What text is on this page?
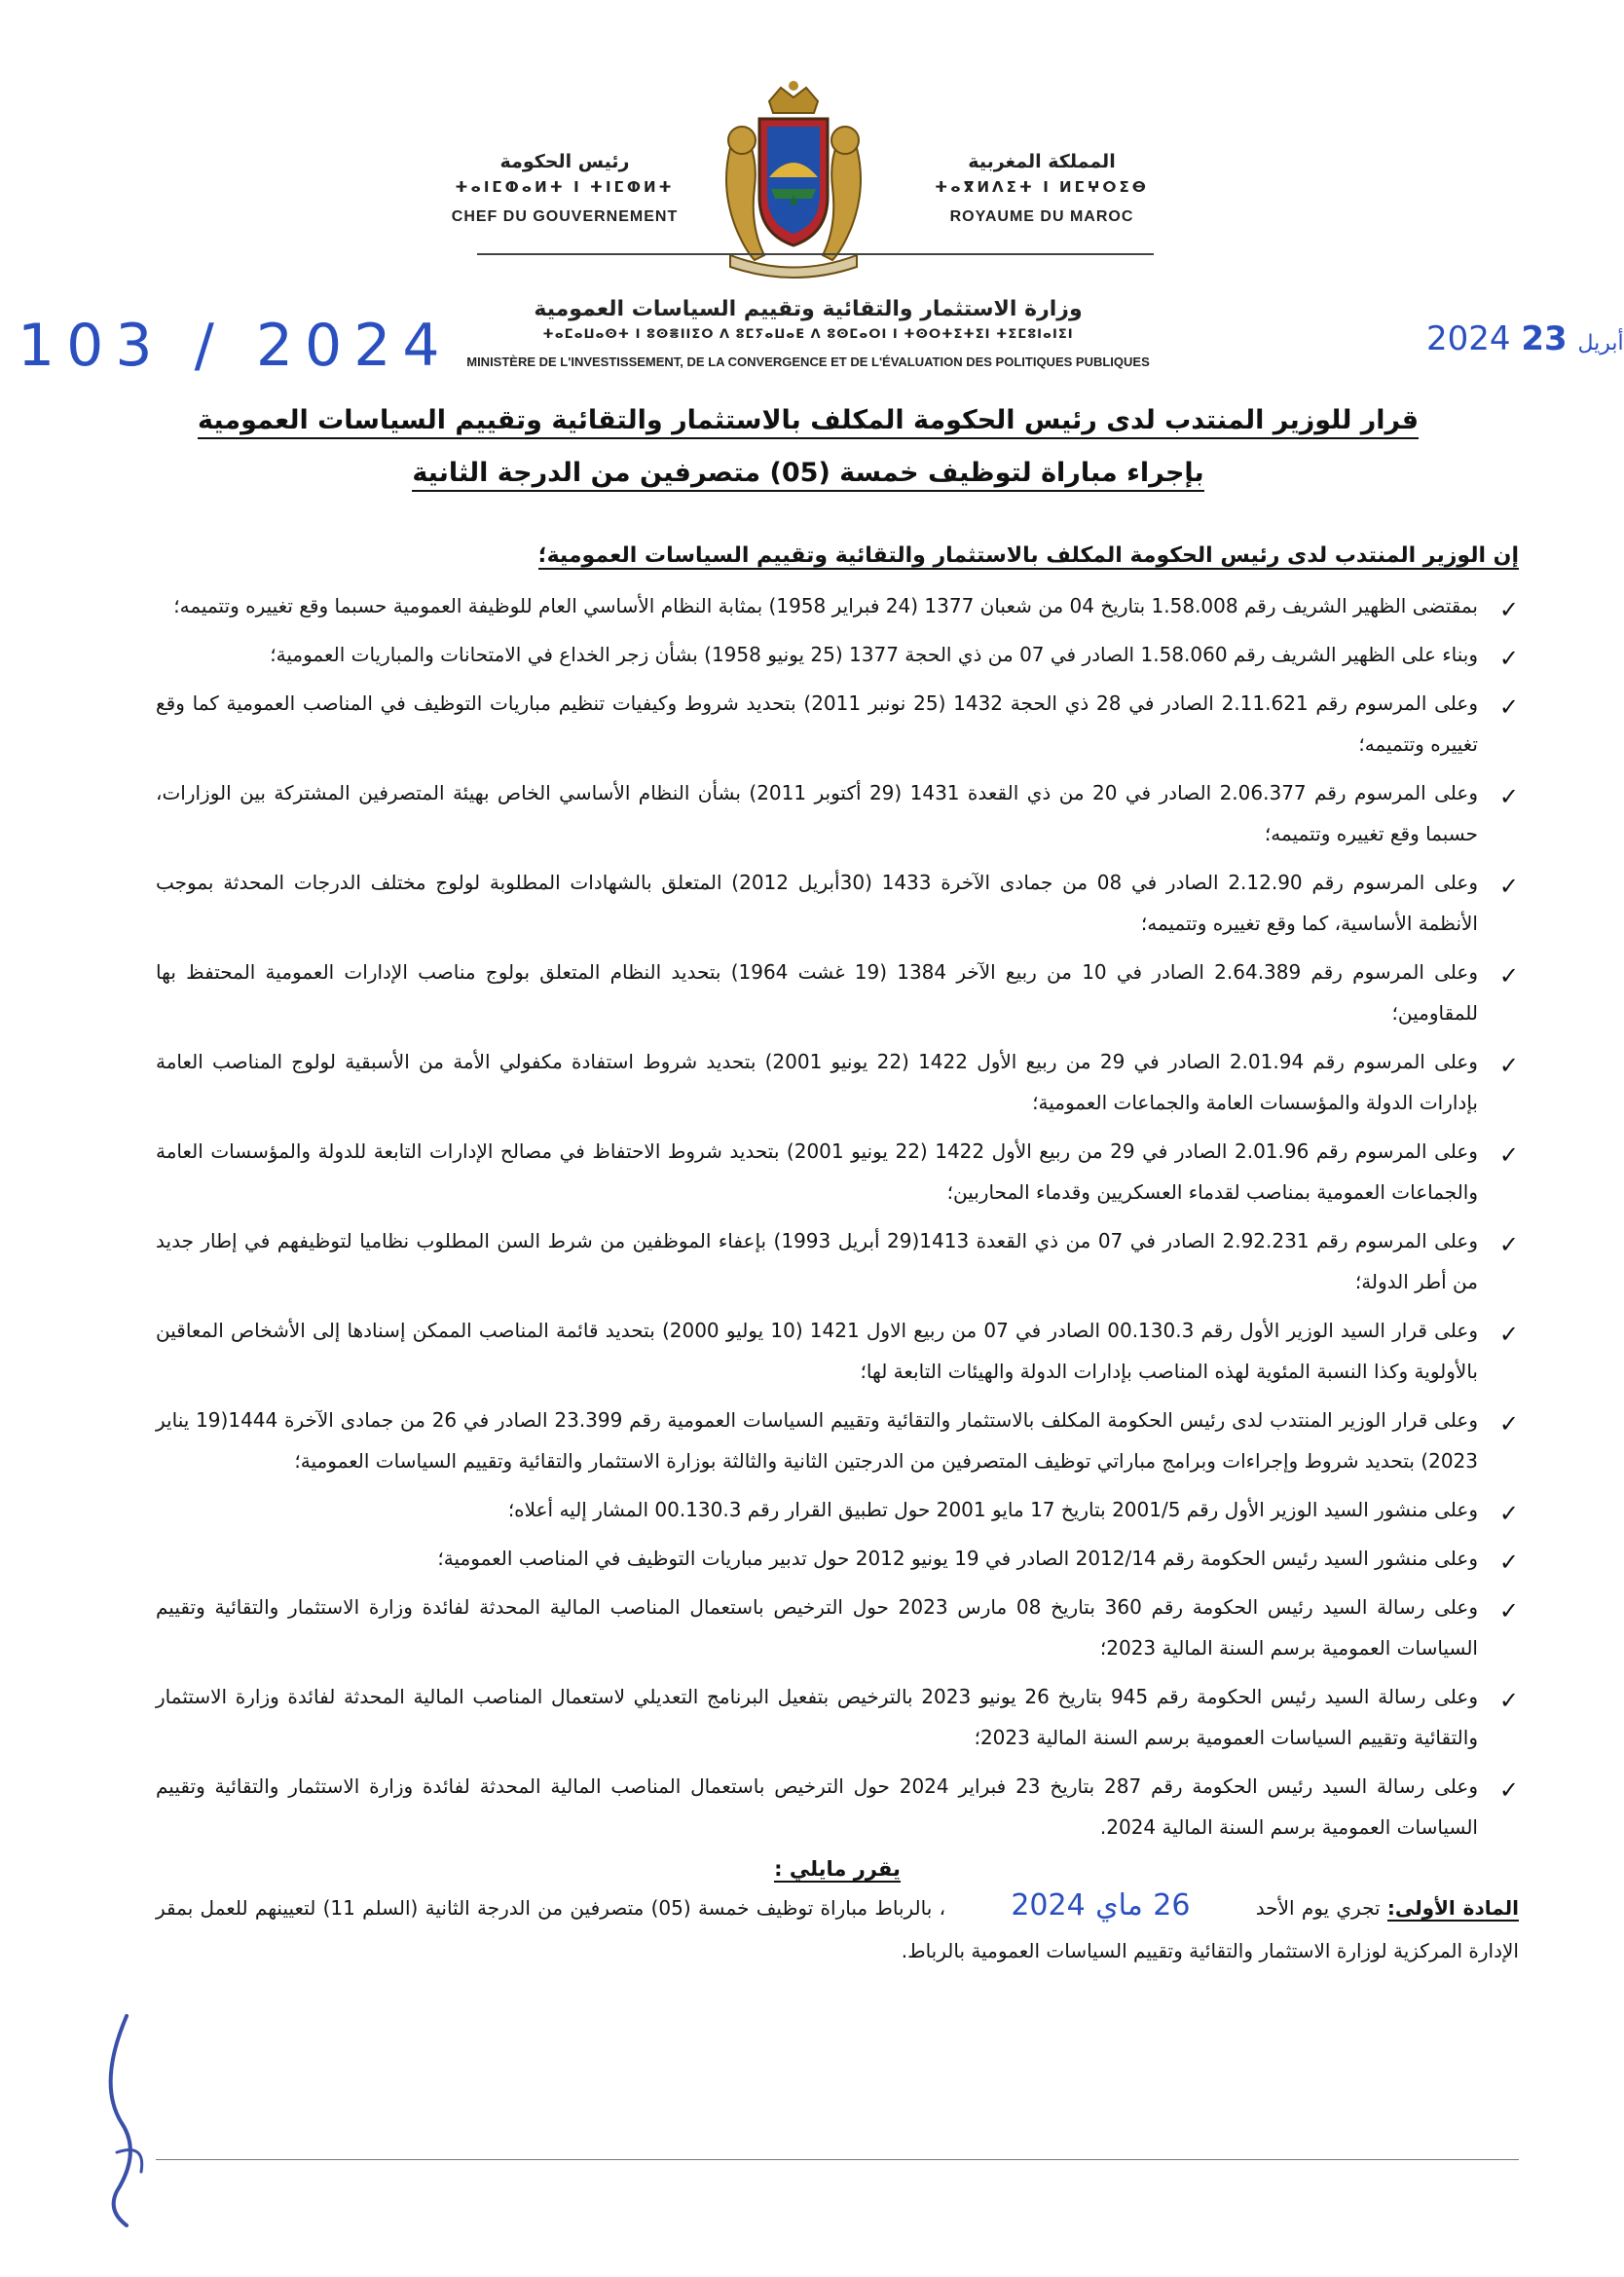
المملكة المغربية
ⵜⴰⴳⵍⴷⵉⵜ ⵏ ⵍⵎⵖⵔⵉⴱ
ROYAUME DU MAROC
رئيس الحكومة
ⵜⴰⵏⵎⵀⴰⵍⵜ ⵏ ⵜⵏⵎⵀⵍⵜ
CHEF DU GOUVERNEMENT
وزارة الاستثمار والتقائية وتقييم السياسات العمومية
ⵜⴰⵎⴰⵡⴰⵙⵜ ⵏ ⵓⵙⴻⵏⵏⵉⵔ ⴷ ⵓⵎⵢⴰⵡⴰⴹ ⴷ ⵓⵙⵎⴰⵔⵏ ⵏ ⵜⵙⵔⵜⵉⵜⵉⵏ ⵜⵉⵎⵓⵏⴰⵏⵉⵏ
MINISTÈRE DE L'INVESTISSEMENT, DE LA CONVERGENCE ET DE L'ÉVALUATION DES POLITIQUES PUBLIQUES
103 / 2024	2024	أبريل 23
قرار للوزير المنتدب لدى رئيس الحكومة المكلف بالاستثمار والتقائية وتقييم السياسات العمومية
بإجراء مباراة لتوظيف خمسة (05) متصرفين من الدرجة الثانية
إن الوزير المنتدب لدى رئيس الحكومة المكلف بالاستثمار والتقائية وتقييم السياسات العمومية؛
✓
بمقتضى الظهير الشريف رقم 1.58.008 بتاريخ 04 من شعبان 1377 (24 فبراير 1958) بمثابة النظام الأساسي العام للوظيفة العمومية حسبما وقع تغييره وتتميمه؛
✓
وبناء على الظهير الشريف رقم 1.58.060 الصادر في 07 من ذي الحجة 1377 (25 يونيو 1958) بشأن زجر الخداع في الامتحانات والمباريات العمومية؛
✓
وعلى المرسوم رقم 2.11.621 الصادر في 28 ذي الحجة 1432 (25 نونبر 2011) بتحديد شروط وكيفيات تنظيم مباريات التوظيف في المناصب العمومية كما وقع تغييره وتتميمه؛
✓
وعلى المرسوم رقم 2.06.377 الصادر في 20 من ذي القعدة 1431 (29 أكتوبر 2011) بشأن النظام الأساسي الخاص بهيئة المتصرفين المشتركة بين الوزارات، حسبما وقع تغييره وتتميمه؛
✓
وعلى المرسوم رقم 2.12.90 الصادر في 08 من جمادى الآخرة 1433 (30أبريل 2012) المتعلق بالشهادات المطلوبة لولوج مختلف الدرجات المحدثة بموجب الأنظمة الأساسية، كما وقع تغييره وتتميمه؛
✓
وعلى المرسوم رقم 2.64.389 الصادر في 10 من ربيع الآخر 1384 (19 غشت 1964) بتحديد النظام المتعلق بولوج مناصب الإدارات العمومية المحتفظ بها للمقاومين؛
✓
وعلى المرسوم رقم 2.01.94 الصادر في 29 من ربيع الأول 1422 (22 يونيو 2001) بتحديد شروط استفادة مكفولي الأمة من الأسبقية لولوج المناصب العامة بإدارات الدولة والمؤسسات العامة والجماعات العمومية؛
✓
وعلى المرسوم رقم 2.01.96 الصادر في 29 من ربيع الأول 1422 (22 يونيو 2001) بتحديد شروط الاحتفاظ في مصالح الإدارات التابعة للدولة والمؤسسات العامة والجماعات العمومية بمناصب لقدماء العسكريين وقدماء المحاربين؛
✓
وعلى المرسوم رقم 2.92.231 الصادر في 07 من ذي القعدة 1413(29 أبريل 1993) بإعفاء الموظفين من شرط السن المطلوب نظاميا لتوظيفهم في إطار جديد من أطر الدولة؛
✓
وعلى قرار السيد الوزير الأول رقم 00.130.3 الصادر في 07 من ربيع الاول 1421 (10 يوليو 2000) بتحديد قائمة المناصب الممكن إسنادها إلى الأشخاص المعاقين بالأولوية وكذا النسبة المئوية لهذه المناصب بإدارات الدولة والهيئات التابعة لها؛
✓
وعلى قرار الوزير المنتدب لدى رئيس الحكومة المكلف بالاستثمار والتقائية وتقييم السياسات العمومية رقم 23.399 الصادر في 26 من جمادى الآخرة 1444(19 يناير 2023) بتحديد شروط وإجراءات وبرامج مباراتي توظيف المتصرفين من الدرجتين الثانية والثالثة بوزارة الاستثمار والتقائية وتقييم السياسات العمومية؛
✓
وعلى منشور السيد الوزير الأول رقم 2001/5 بتاريخ 17 مايو 2001 حول تطبيق القرار رقم 00.130.3 المشار إليه أعلاه؛
✓
وعلى منشور السيد رئيس الحكومة رقم 2012/14 الصادر في 19 يونيو 2012 حول تدبير مباريات التوظيف في المناصب العمومية؛
✓
وعلى رسالة السيد رئيس الحكومة رقم 360 بتاريخ 08 مارس 2023 حول الترخيص باستعمال المناصب المالية المحدثة لفائدة وزارة الاستثمار والتقائية وتقييم السياسات العمومية برسم السنة المالية 2023؛
✓
وعلى رسالة السيد رئيس الحكومة رقم 945 بتاريخ 26 يونيو 2023 بالترخيص بتفعيل البرنامج التعديلي لاستعمال المناصب المالية المحدثة لفائدة وزارة الاستثمار والتقائية وتقييم السياسات العمومية برسم السنة المالية 2023؛
✓
وعلى رسالة السيد رئيس الحكومة رقم 287 بتاريخ 23 فبراير 2024 حول الترخيص باستعمال المناصب المالية المحدثة لفائدة وزارة الاستثمار والتقائية وتقييم السياسات العمومية برسم السنة المالية 2024.
يقرر مايلي :
المادة الأولى: تجري يوم الأحد 26 ماي 2024 ، بالرباط مباراة توظيف خمسة (05) متصرفين من الدرجة الثانية (السلم 11) لتعيينهم للعمل بمقر الإدارة المركزية لوزارة الاستثمار والتقائية وتقييم السياسات العمومية بالرباط.
